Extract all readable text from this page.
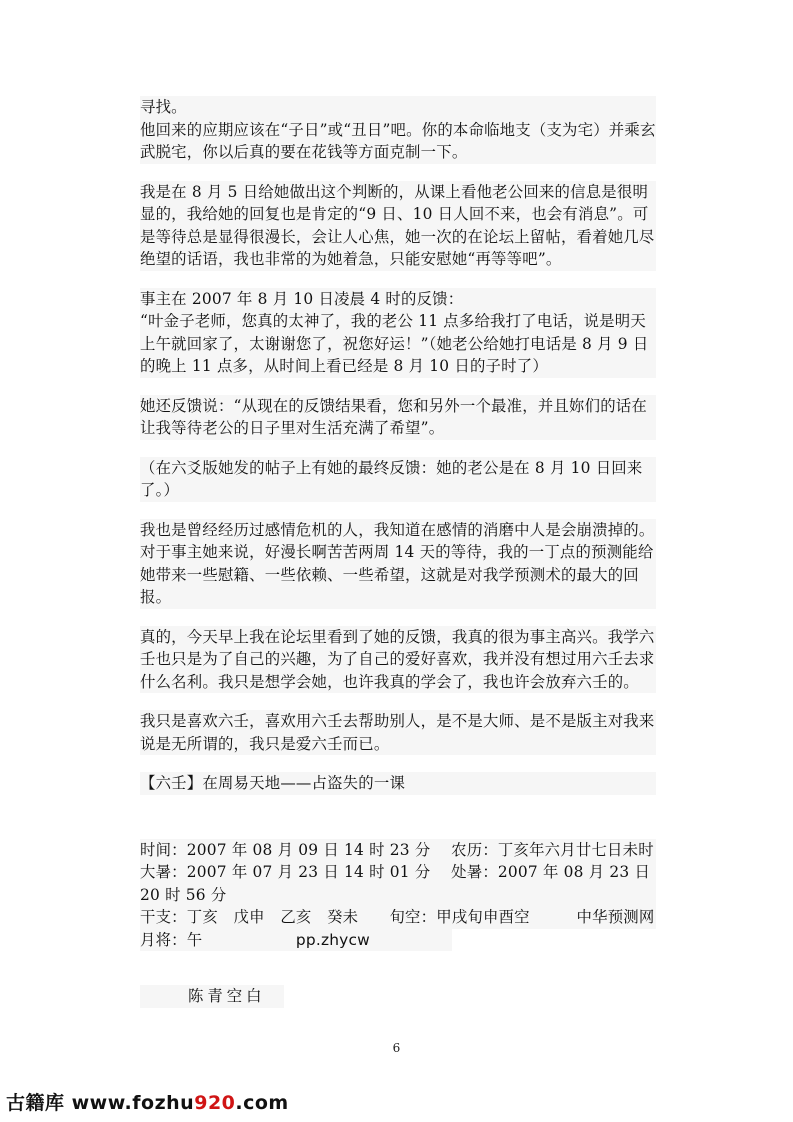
寻找。

他回来的应期应该在“子日”或“丑日”吧。你的本命临地支（支为宅）并乘玄武脱宅，你以后真的要在花钱等方面克制一下。

我是在 8 月 5 日给她做出这个判断的，从课上看他老公回来的信息是很明显的，我给她的回复也是肯定的“9 日、10 日人回不来，也会有消息”。可是等待总是显得很漫长，会让人心焦，她一次的在论坛上留帖，看着她几尽绝望的话语，我也非常的为她着急，只能安慰她“再等等吧”。

事主在 2007 年 8 月 10 日凌晨 4 时的反馈：

“叶金子老师，您真的太神了，我的老公 11 点多给我打了电话，说是明天上午就回家了，太谢谢您了，祝您好运！”（她老公给她打电话是 8 月 9 日的晚上 11 点多，从时间上看已经是 8 月 10 日的子时了）

她还反馈说：“从现在的反馈结果看，您和另外一个最准，并且妳们的话在让我等待老公的日子里对生活充满了希望”。

（在六爻版她发的帖子上有她的最终反馈：她的老公是在 8 月 10 日回来了。）

我也是曾经经历过感情危机的人，我知道在感情的消磨中人是会崩溃掉的。对于事主她来说，好漫长啊苦苦两周 14 天的等待，我的一丁点的预测能给她带来一些慰籍、一些依赖、一些希望，这就是对我学预测术的最大的回报。

真的，今天早上我在论坛里看到了她的反馈，我真的很为事主高兴。我学六壬也只是为了自己的兴趣，为了自己的爱好喜欢，我并没有想过用六壬去求什么名利。我只是想学会她，也许我真的学会了，我也许会放弃六壬的。

我只是喜欢六壬，喜欢用六壬去帮助别人，是不是大师、是不是版主对我来说是无所谓的，我只是爱六壬而已。

【六壬】在周易天地——占盗失的一课

时间：2007 年 08 月 09 日 14 时 23 分　 农历：丁亥年六月廿七日未时

大暑：2007 年 07 月 23 日 14 时 01 分　 处暑：2007 年 08 月 23 日 20 时 56 分

干支：丁亥　戊申　乙亥　癸未　　旬空：甲戌旬申酉空　　　中华预测网

月将：午　　　　　　pp.zhycw

陈青空白
6
古籍库 www.fozhu920.com
